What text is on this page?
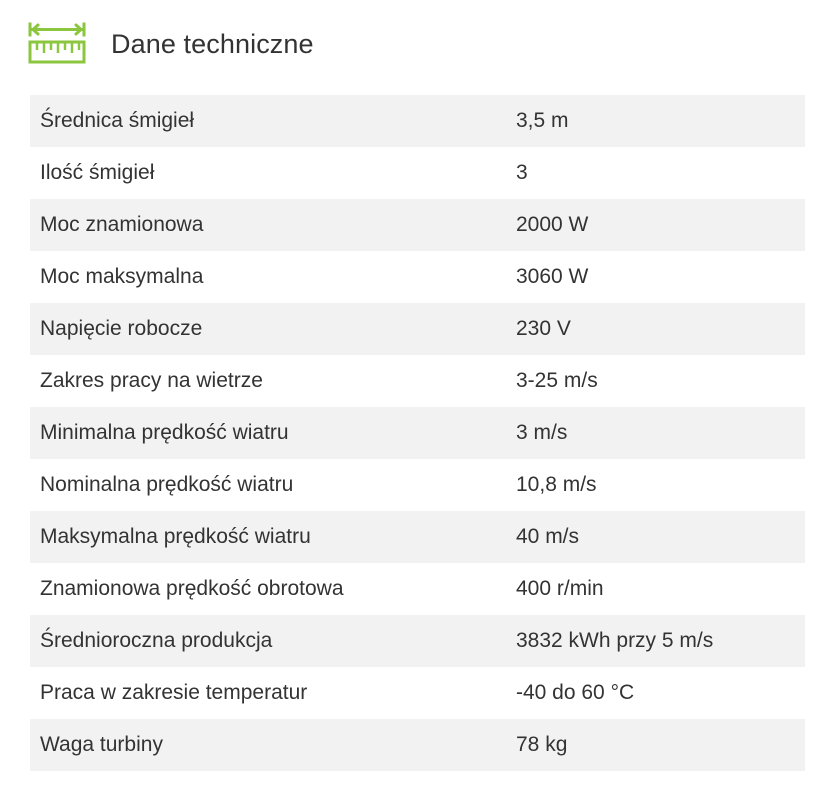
Dane techniczne
Średnica śmigieł	3,5 m
Ilość śmigieł	3
Moc znamionowa	2000 W
Moc maksymalna	3060 W
Napięcie robocze	230 V
Zakres pracy na wietrze	3-25 m/s
Minimalna prędkość wiatru	3 m/s
Nominalna prędkość wiatru	10,8 m/s
Maksymalna prędkość wiatru	40 m/s
Znamionowa prędkość obrotowa	400 r/min
Średnioroczna produkcja	3832 kWh przy 5 m/s
Praca w zakresie temperatur	-40 do 60 °C
Waga turbiny	78 kg
